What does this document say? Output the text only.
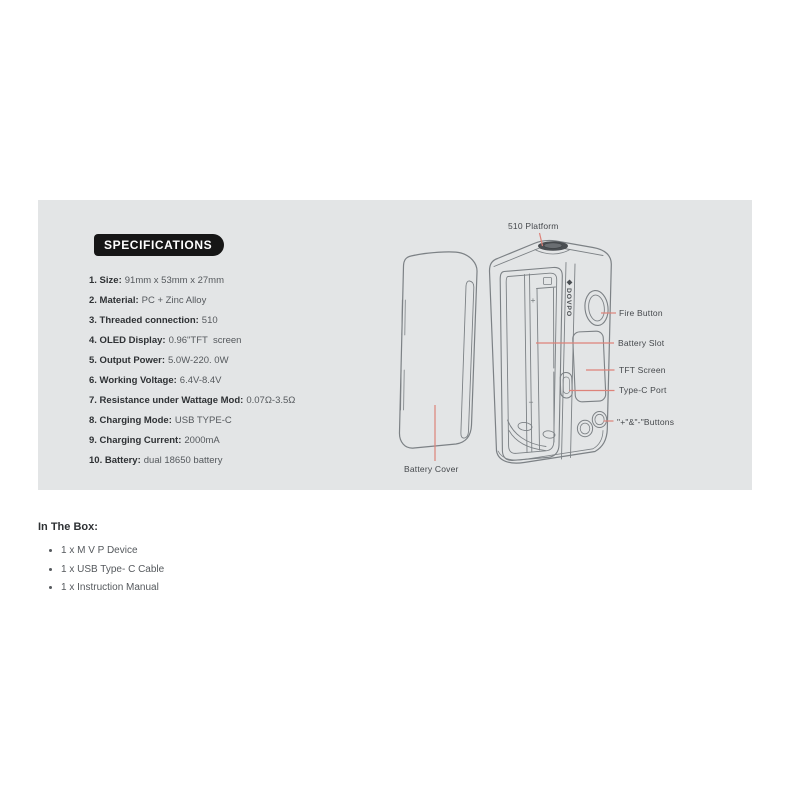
SPECIFICATIONS
1. Size: 91mm x 53mm x 27mm
2. Material: PC + Zinc Alloy
3. Threaded connection: 510
4. OLED Display: 0.96"TFT  screen
5. Output Power: 5.0W-220. 0W
6. Working Voltage: 6.4V-8.4V
7. Resistance under Wattage Mod: 0.07Ω-3.5Ω
8. Charging Mode: USB TYPE-C
9. Charging Current: 2000mA
10. Battery: dual 18650 battery
+
−
DOVPO
510 Platform
Fire Button
Battery Slot
TFT Screen
Type-C Port
"+"&"-"Buttons
Battery Cover
In The Box:
• 1 x M V P Device
• 1 x USB Type- C Cable
• 1 x Instruction Manual
